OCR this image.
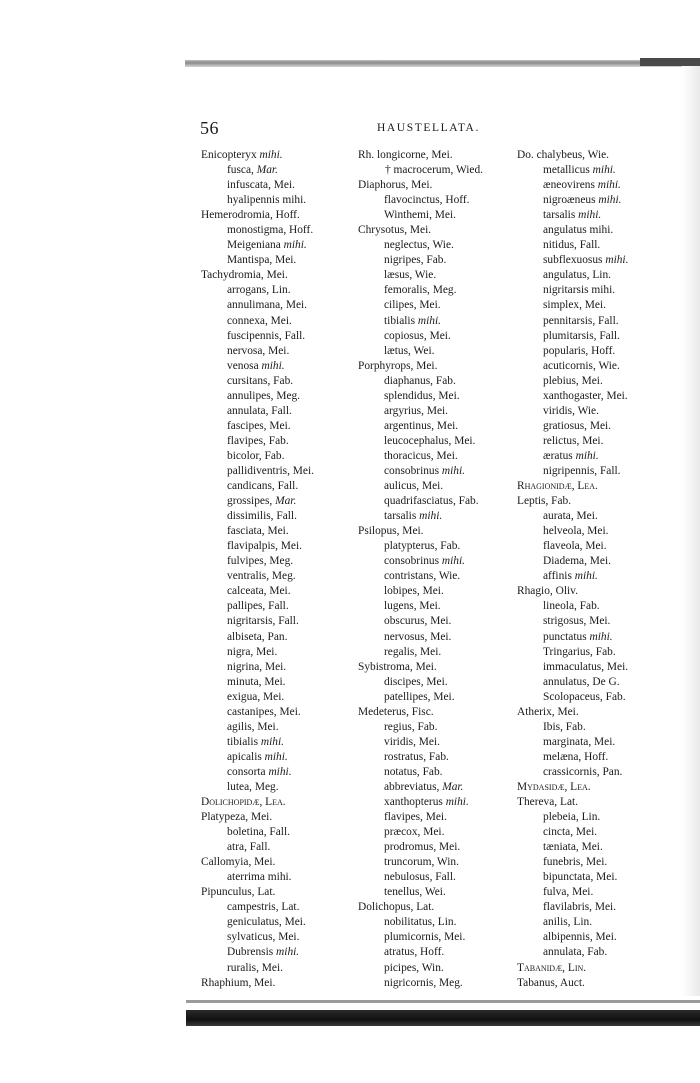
56	HAUSTELLATA.
Enicopteryx mihi.
fusca, Mar.
infuscata, Mei.
hyalipennis mihi.
Hemerodromia, Hoff.
monostigma, Hoff.
Meigeniana mihi.
Mantispa, Mei.
Tachydromia, Mei.
arrogans, Lin.
annulimana, Mei.
connexa, Mei.
fuscipennis, Fall.
nervosa, Mei.
venosa mihi.
cursitans, Fab.
annulipes, Meg.
annulata, Fall.
fascipes, Mei.
flavipes, Fab.
bicolor, Fab.
pallidiventris, Mei.
candicans, Fall.
grossipes, Mar.
dissimilis, Fall.
fasciata, Mei.
flavipalpis, Mei.
fulvipes, Meg.
ventralis, Meg.
calceata, Mei.
pallipes, Fall.
nigritarsis, Fall.
albiseta, Pan.
nigra, Mei.
nigrina, Mei.
minuta, Mei.
exigua, Mei.
castanipes, Mei.
agilis, Mei.
tibialis mihi.
apicalis mihi.
consorta mihi.
lutea, Meg.
Dolichopidæ, Lea.
Platypeza, Mei.
boletina, Fall.
atra, Fall.
Callomyia, Mei.
aterrima mihi.
Pipunculus, Lat.
campestris, Lat.
geniculatus, Mei.
sylvaticus, Mei.
Dubrensis mihi.
ruralis, Mei.
Rhaphium, Mei.
Rh. longicorne, Mei.
† macrocerum, Wied.
Diaphorus, Mei.
flavocinctus, Hoff.
Winthemi, Mei.
Chrysotus, Mei.
neglectus, Wie.
nigripes, Fab.
læsus, Wie.
femoralis, Meg.
cilipes, Mei.
tibialis mihi.
copiosus, Mei.
lætus, Wei.
Porphyrops, Mei.
diaphanus, Fab.
splendidus, Mei.
argyrius, Mei.
argentinus, Mei.
leucocephalus, Mei.
thoracicus, Mei.
consobrinus mihi.
aulicus, Mei.
quadrifasciatus, Fab.
tarsalis mihi.
Psilopus, Mei.
platypterus, Fab.
consobrinus mihi.
contristans, Wie.
lobipes, Mei.
lugens, Mei.
obscurus, Mei.
nervosus, Mei.
regalis, Mei.
Sybistroma, Mei.
discipes, Mei.
patellipes, Mei.
Medeterus, Fisc.
regius, Fab.
viridis, Mei.
rostratus, Fab.
notatus, Fab.
abbreviatus, Mar.
xanthopterus mihi.
flavipes, Mei.
præcox, Mei.
prodromus, Mei.
truncorum, Win.
nebulosus, Fall.
tenellus, Wei.
Dolichopus, Lat.
nobilitatus, Lin.
plumicornis, Mei.
atratus, Hoff.
picipes, Win.
nigricornis, Meg.
Do. chalybeus, Wie.
metallicus mihi.
æneovirens mihi.
nigroæneus mihi.
tarsalis mihi.
angulatus mihi.
nitidus, Fall.
subflexuosus mihi.
angulatus, Lin.
nigritarsis mihi.
simplex, Mei.
pennitarsis, Fall.
plumitarsis, Fall.
popularis, Hoff.
acuticornis, Wie.
plebius, Mei.
xanthogaster, Mei.
viridis, Wie.
gratiosus, Mei.
relictus, Mei.
æratus mihi.
nigripennis, Fall.
Rhagionidæ, Lea.
Leptis, Fab.
aurata, Mei.
helveola, Mei.
flaveola, Mei.
Diadema, Mei.
affinis mihi.
Rhagio, Oliv.
lineola, Fab.
strigosus, Mei.
punctatus mihi.
Tringarius, Fab.
immaculatus, Mei.
annulatus, De G.
Scolopaceus, Fab.
Atherix, Mei.
Ibis, Fab.
marginata, Mei.
melæna, Hoff.
crassicornis, Pan.
Mydasidæ, Lea.
Thereva, Lat.
plebeia, Lin.
cincta, Mei.
tæniata, Mei.
funebris, Mei.
bipunctata, Mei.
fulva, Mei.
flavilabris, Mei.
anilis, Lin.
albipennis, Mei.
annulata, Fab.
Tabanidæ, Lin.
Tabanus, Auct.
